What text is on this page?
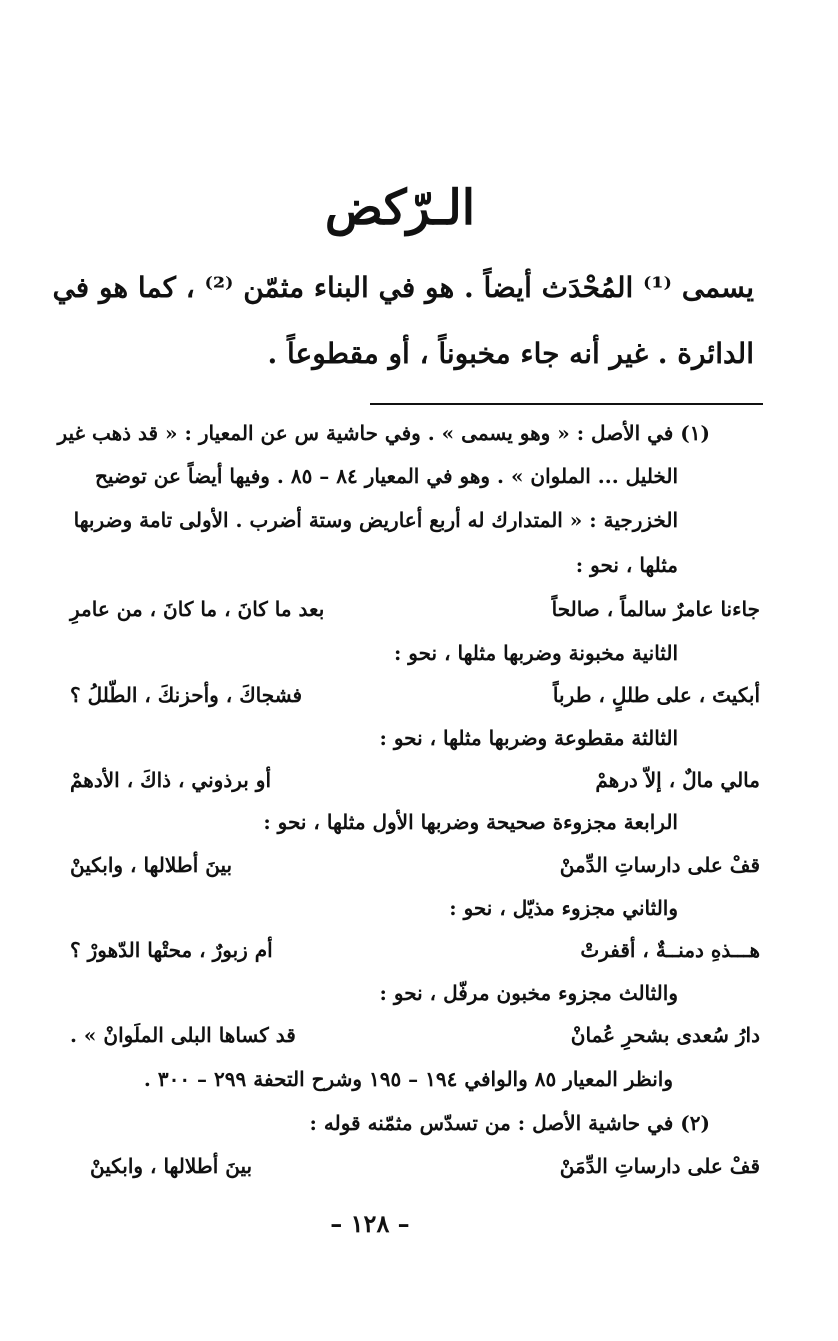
الـرّكض
يسمى ⁽¹⁾ المُحْدَث أيضاً . هو في البناء مثمّن ⁽²⁾ ، كما هو في
الدائرة . غير أنه جاء مخبوناً ، أو مقطوعاً .
(١) في الأصل : « وهو يسمى » . وفي حاشية س عن المعيار : « قد ذهب غير
الخليل ... الملوان » . وهو في المعيار ٨٤ – ٨٥ . وفيها أيضاً عن توضيح
الخزرجية : « المتدارك له أربع أعاريض وستة أضرب . الأولى تامة وضربها
مثلها ، نحو :
جاءنا عامرٌ سالماً ، صالحاً
بعد ما كانَ ، ما كانَ ، من عامرِ
الثانية مخبونة وضربها مثلها ، نحو :
أبكيتَ ، على طللٍ ، طرباً
فشجاكَ ، وأحزنكَ ، الطّللُ ؟
الثالثة مقطوعة وضربها مثلها ، نحو :
مالي مالٌ ، إلاّ درهمْ
أو برذوني ، ذاكَ ، الأدهمْ
الرابعة مجزوءة صحيحة وضربها الأول مثلها ، نحو :
قفْ على دارساتِ الدِّمنْ
بينَ أطلالها ، وابكينْ
والثاني مجزوء مذيّل ، نحو :
هـــذهِ دمنــةٌ ، أقفرتْ
أم زبورٌ ، محتْها الدّهورْ ؟
والثالث مجزوء مخبون مرفّل ، نحو :
دارُ سُعدى بشحرِ عُمانْ
قد كساها البلى الملَوانْ » .
وانظر المعيار ٨٥ والوافي ١٩٤ – ١٩٥ وشرح التحفة ٢٩٩ – ٣٠٠ .
(٢) في حاشية الأصل : من تسدّس مثمّنه قوله :
قفْ على دارساتِ الدِّمَنْ
بينَ أطلالها ، وابكينْ
– ١٢٨ –
